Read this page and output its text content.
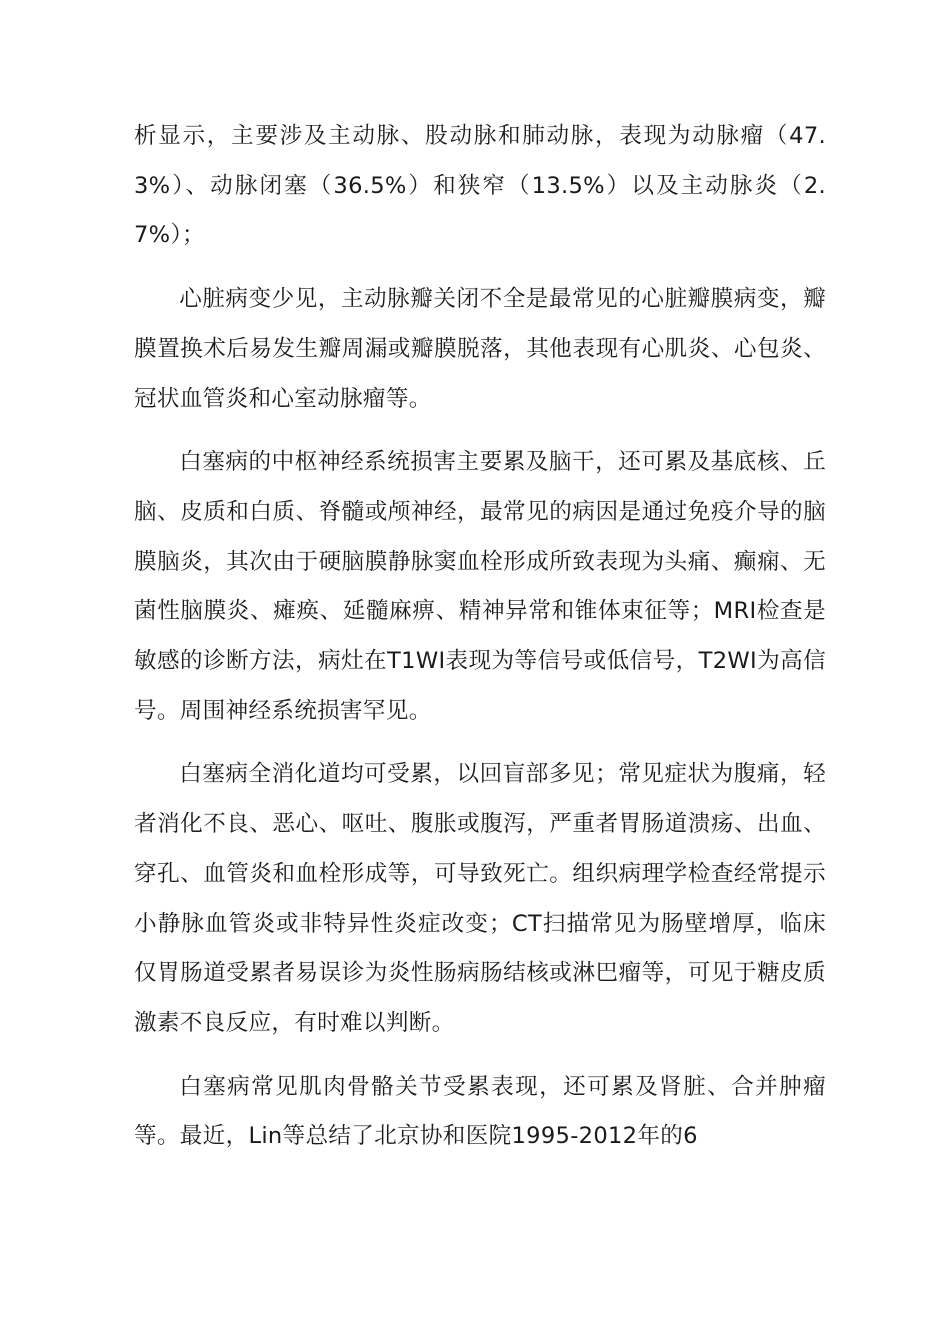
析显示，主要涉及主动脉、股动脉和肺动脉，表现为动脉瘤（47.3%）、动脉闭塞（36.5%）和狭窄（13.5%）以及主动脉炎（2.7%）；

心脏病变少见，主动脉瓣关闭不全是最常见的心脏瓣膜病变，瓣膜置换术后易发生瓣周漏或瓣膜脱落，其他表现有心肌炎、心包炎、冠状血管炎和心室动脉瘤等。

白塞病的中枢神经系统损害主要累及脑干，还可累及基底核、丘脑、皮质和白质、脊髓或颅神经，最常见的病因是通过免疫介导的脑膜脑炎，其次由于硬脑膜静脉窦血栓形成所致表现为头痛、癫痫、无菌性脑膜炎、瘫痪、延髓麻痹、精神异常和锥体束征等；MRI检查是敏感的诊断方法，病灶在T1WI表现为等信号或低信号，T2WI为高信号。周围神经系统损害罕见。

白塞病全消化道均可受累，以回盲部多见；常见症状为腹痛，轻者消化不良、恶心、呕吐、腹胀或腹泻，严重者胃肠道溃疡、出血、穿孔、血管炎和血栓形成等，可导致死亡。组织病理学检查经常提示小静脉血管炎或非特异性炎症改变；CT扫描常见为肠壁增厚，临床仅胃肠道受累者易误诊为炎性肠病肠结核或淋巴瘤等，可见于糖皮质激素不良反应，有时难以判断。

白塞病常见肌肉骨骼关节受累表现，还可累及肾脏、合并肿瘤等。最近，Lin等总结了北京协和医院1995-2012年的6
